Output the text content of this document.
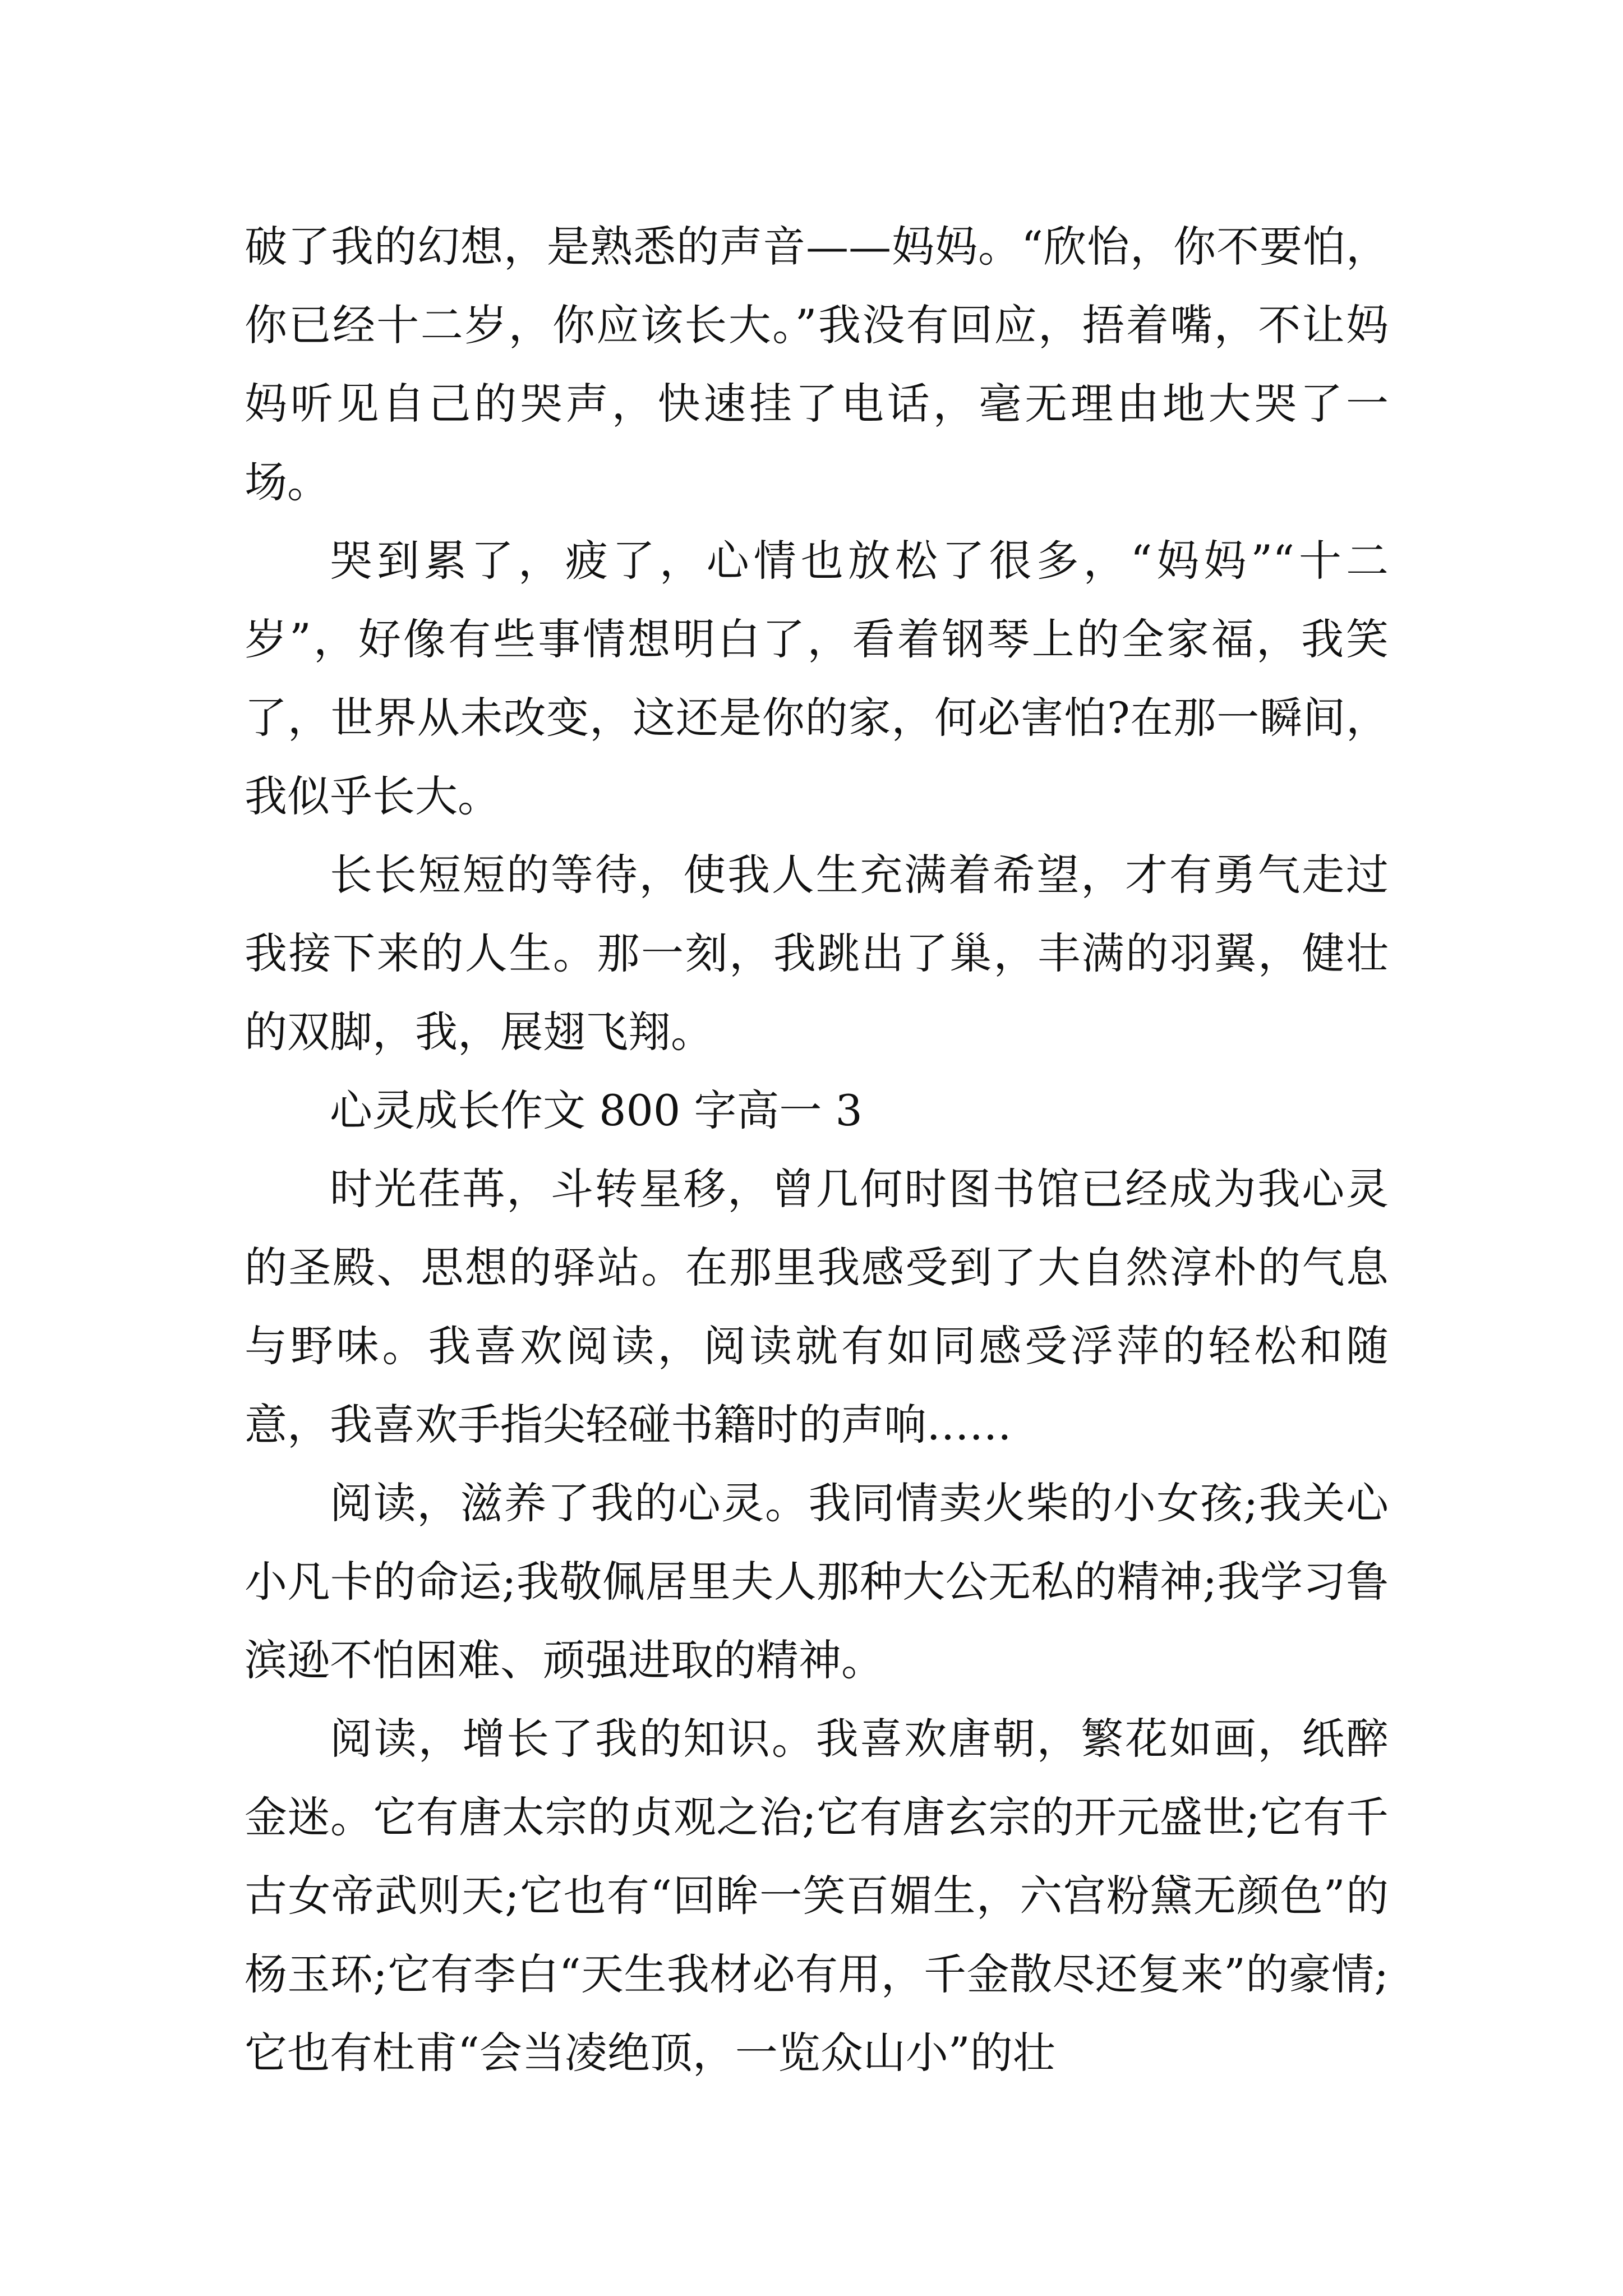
破了我的幻想，是熟悉的声音——妈妈。“欣怡，你不要怕，你已经十二岁，你应该长大。”我没有回应，捂着嘴，不让妈妈听见自己的哭声，快速挂了电话，毫无理由地大哭了一场。

哭到累了，疲了，心情也放松了很多，“妈妈”“十二岁”，好像有些事情想明白了，看着钢琴上的全家福，我笑了，世界从未改变，这还是你的家，何必害怕?在那一瞬间，我似乎长大。

长长短短的等待，使我人生充满着希望，才有勇气走过我接下来的人生。那一刻，我跳出了巢，丰满的羽翼，健壮的双脚，我，展翅飞翔。

心灵成长作文 800 字高一 3

时光荏苒，斗转星移，曾几何时图书馆已经成为我心灵的圣殿、思想的驿站。在那里我感受到了大自然淳朴的气息与野味。我喜欢阅读，阅读就有如同感受浮萍的轻松和随意，我喜欢手指尖轻碰书籍时的声响……

阅读，滋养了我的心灵。我同情卖火柴的小女孩;我关心小凡卡的命运;我敬佩居里夫人那种大公无私的精神;我学习鲁滨逊不怕困难、顽强进取的精神。

阅读，增长了我的知识。我喜欢唐朝，繁花如画，纸醉金迷。它有唐太宗的贞观之治;它有唐玄宗的开元盛世;它有千古女帝武则天;它也有“回眸一笑百媚生，六宫粉黛无颜色”的杨玉环;它有李白“天生我材必有用，千金散尽还复来”的豪情;它也有杜甫“会当凌绝顶，一览众山小”的壮
